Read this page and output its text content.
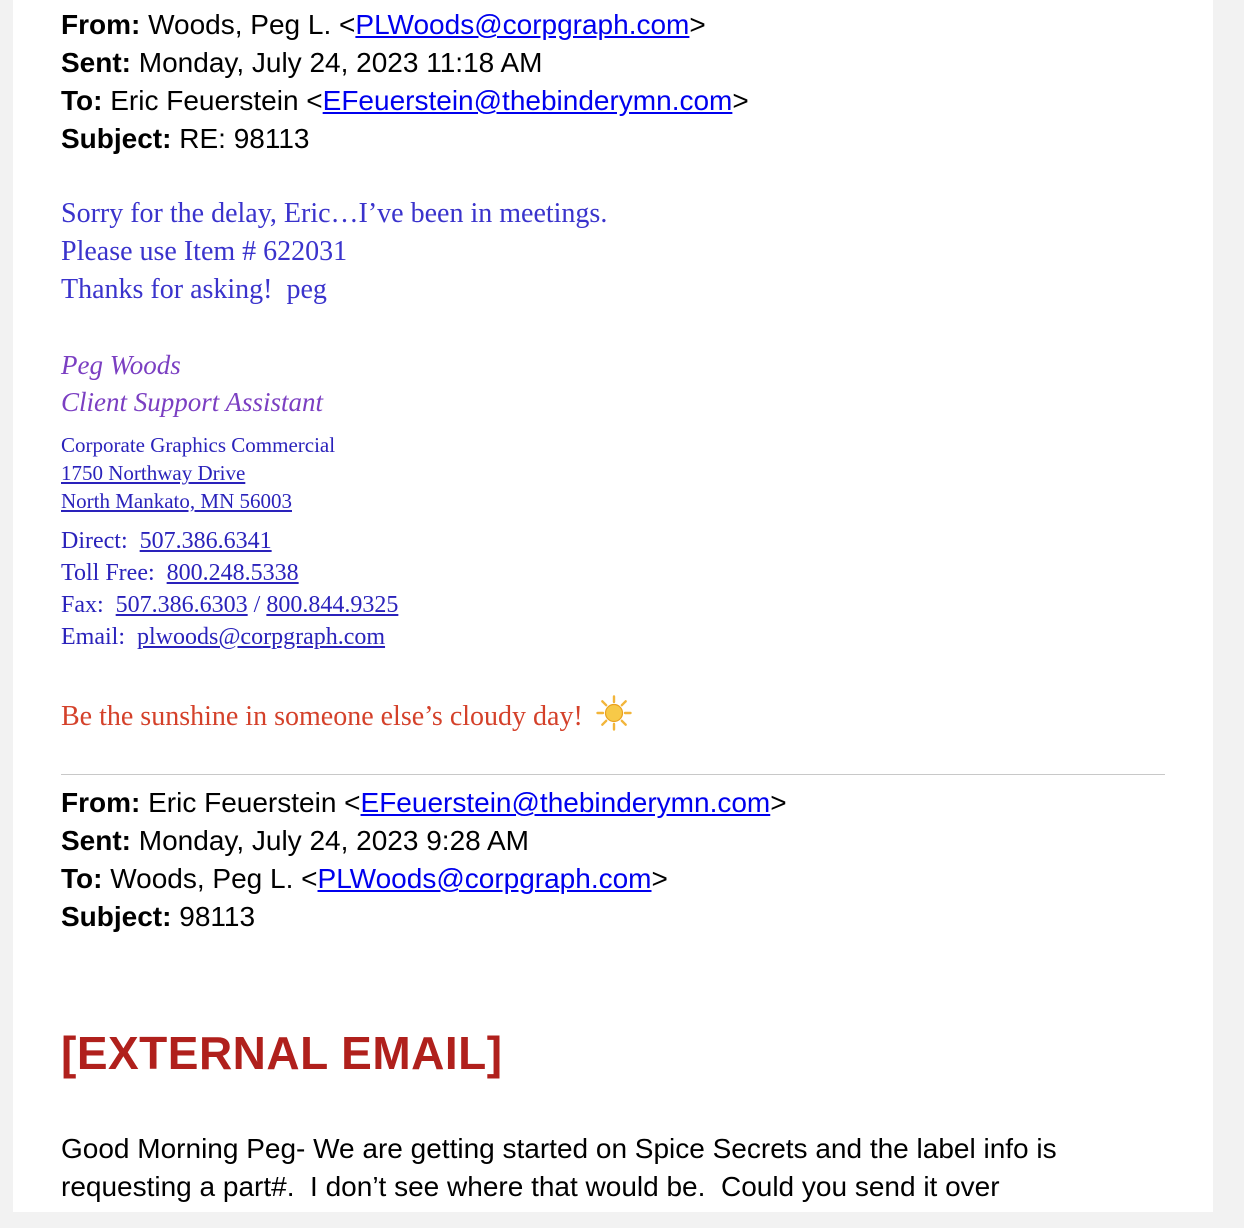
From: Woods, Peg L. <PLWoods@corpgraph.com>
Sent: Monday, July 24, 2023 11:18 AM
To: Eric Feuerstein <EFeuerstein@thebinderymn.com>
Subject: RE: 98113
Sorry for the delay, Eric…I’ve been in meetings.
Please use Item # 622031
Thanks for asking!  peg
Peg Woods
Client Support Assistant
Corporate Graphics Commercial
1750 Northway Drive
North Mankato, MN 56003
Direct:  507.386.6341
Toll Free:  800.248.5338
Fax:  507.386.6303 / 800.844.9325
Email:  plwoods@corpgraph.com
Be the sunshine in someone else’s cloudy day!
From: Eric Feuerstein <EFeuerstein@thebinderymn.com>
Sent: Monday, July 24, 2023 9:28 AM
To: Woods, Peg L. <PLWoods@corpgraph.com>
Subject: 98113
[EXTERNAL EMAIL]
Good Morning Peg- We are getting started on Spice Secrets and the label info is
requesting a part#.  I don’t see where that would be.  Could you send it over
